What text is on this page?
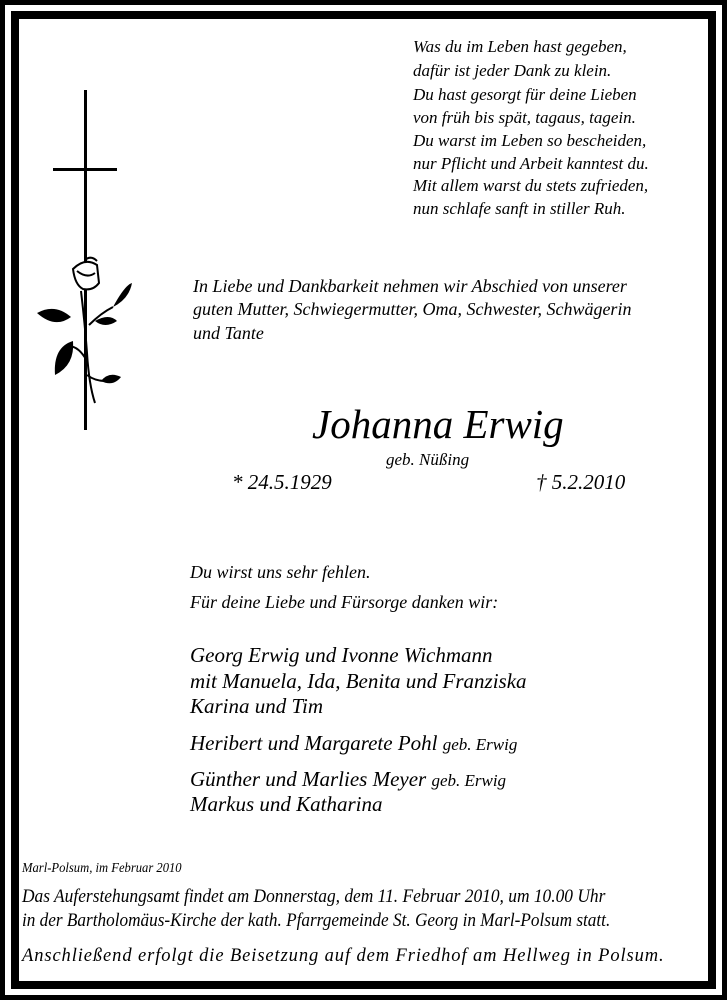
Was du im Leben hast gegeben,
dafür ist jeder Dank zu klein.
Du hast gesorgt für deine Lieben
von früh bis spät, tagaus, tagein.
Du warst im Leben so bescheiden,
nur Pflicht und Arbeit kanntest du.
Mit allem warst du stets zufrieden,
nun schlafe sanft in stiller Ruh.
In Liebe und Dankbarkeit nehmen wir Abschied von unserer
guten Mutter, Schwiegermutter, Oma, Schwester, Schwägerin
und Tante
Johanna Erwig
geb. Nüßing
* 24.5.1929	† 5.2.2010
Du wirst uns sehr fehlen.
Für deine Liebe und Fürsorge danken wir:
Georg Erwig und Ivonne Wichmann
mit Manuela, Ida, Benita und Franziska
Karina und Tim
Heribert und Margarete Pohl geb. Erwig
Günther und Marlies Meyer geb. Erwig
Markus und Katharina
Marl-Polsum, im Februar 2010
Das Auferstehungsamt findet am Donnerstag, dem 11. Februar 2010, um 10.00 Uhr
in der Bartholomäus-Kirche der kath. Pfarrgemeinde St. Georg in Marl-Polsum statt.
Anschließend erfolgt die Beisetzung auf dem Friedhof am Hellweg in Polsum.
